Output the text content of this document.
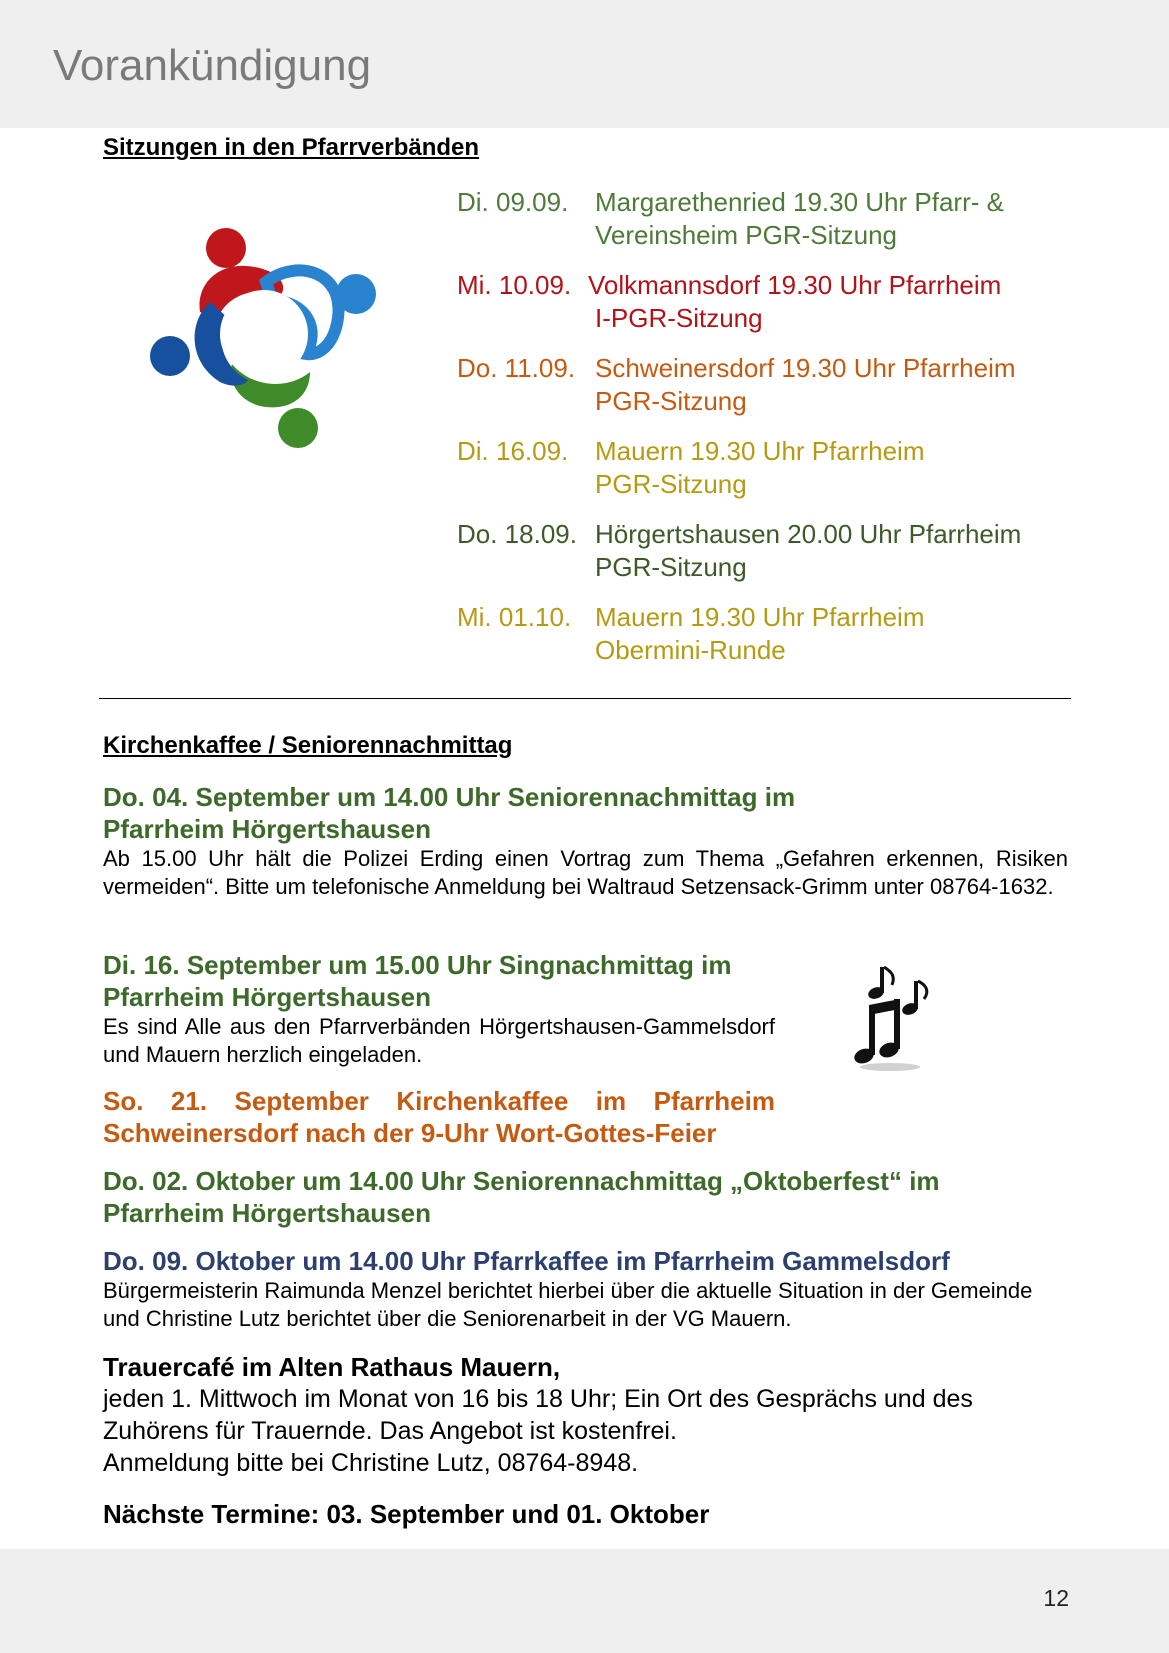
Vorankündigung
Sitzungen in den Pfarrverbänden
Di. 09.09.	Margarethenried 19.30 Uhr Pfarr- &
Vereinsheim PGR-Sitzung
Mi. 10.09. Volkmannsdorf 19.30 Uhr Pfarrheim
I-PGR-Sitzung
Do. 11.09. Schweinersdorf 19.30 Uhr Pfarrheim
PGR-Sitzung
Di. 16.09.	Mauern 19.30 Uhr Pfarrheim
PGR-Sitzung
Do. 18.09. Hörgertshausen 20.00 Uhr Pfarrheim
PGR-Sitzung
Mi. 01.10. Mauern 19.30 Uhr Pfarrheim
Obermini-Runde
Kirchenkaffee / Seniorennachmittag
Do. 04. September um 14.00 Uhr Seniorennachmittag im
Pfarrheim Hörgertshausen
Ab 15.00 Uhr hält die Polizei Erding einen Vortrag zum Thema „Gefahren erkennen, Risiken vermeiden“. Bitte um telefonische Anmeldung bei Waltraud Setzensack-Grimm unter 08764-1632.
Di. 16. September um 15.00 Uhr Singnachmittag im
Pfarrheim Hörgertshausen
Es sind Alle aus den Pfarrverbänden Hörgertshausen-Gammelsdorf und Mauern herzlich eingeladen.
So. 21. September Kirchenkaffee im Pfarrheim Schweinersdorf nach der 9-Uhr Wort-Gottes-Feier
Do. 02. Oktober um 14.00 Uhr Seniorennachmittag „Oktoberfest“ im
Pfarrheim Hörgertshausen
Do. 09. Oktober um 14.00 Uhr Pfarrkaffee im Pfarrheim Gammelsdorf
Bürgermeisterin Raimunda Menzel berichtet hierbei über die aktuelle Situation in der Gemeinde und Christine Lutz berichtet über die Seniorenarbeit in der VG Mauern.
Trauercafé im Alten Rathaus Mauern,
jeden 1. Mittwoch im Monat von 16 bis 18 Uhr; Ein Ort des Gesprächs und des Zuhörens für Trauernde. Das Angebot ist kostenfrei.
Anmeldung bitte bei Christine Lutz, 08764-8948.
Nächste Termine: 03. September und 01. Oktober
12
